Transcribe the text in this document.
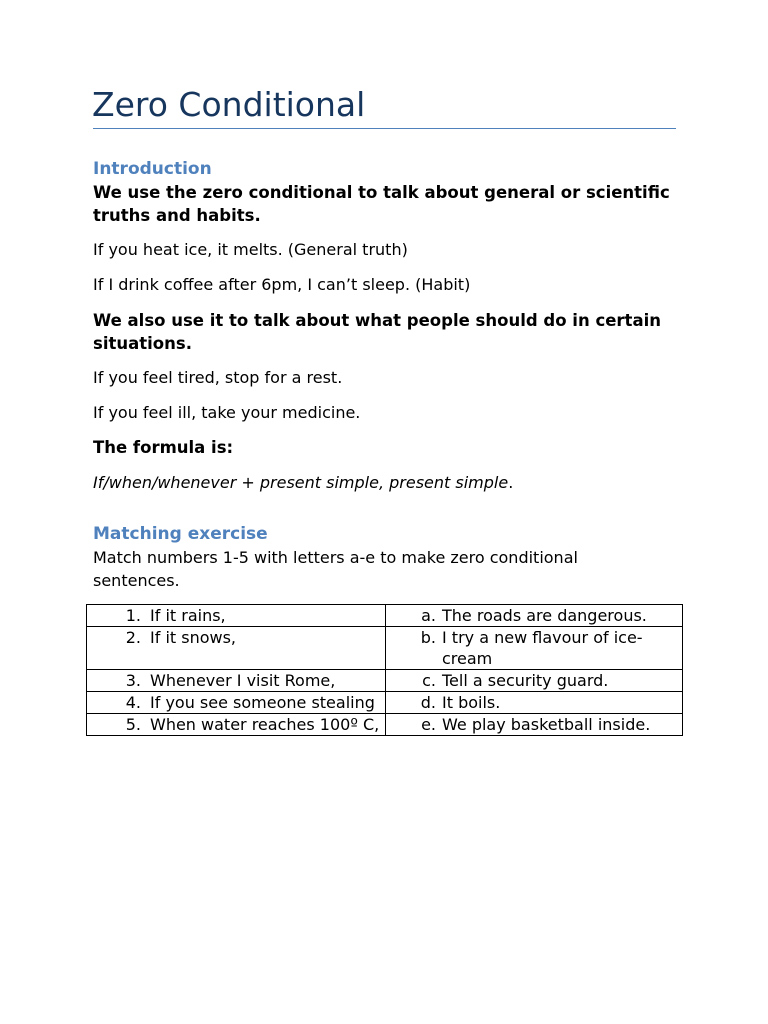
Zero Conditional
Introduction
We use the zero conditional to talk about general or scientific truths and habits.
If you heat ice, it melts. (General truth)
If I drink coffee after 6pm, I can’t sleep. (Habit)
We also use it to talk about what people should do in certain situations.
If you feel tired, stop for a rest.
If you feel ill, take your medicine.
The formula is:
If/when/whenever + present simple, present simple.
Matching exercise
Match numbers 1-5 with letters a-e to make zero conditional sentences.
1. If it rains,	a. The roads are dangerous.

2. If it snows,	b. I try a new flavour of ice-cream

3. Whenever I visit Rome,	c. Tell a security guard.

4. If you see someone stealing	d. It boils.

5. When water reaches 100º C,	e. We play basketball inside.
